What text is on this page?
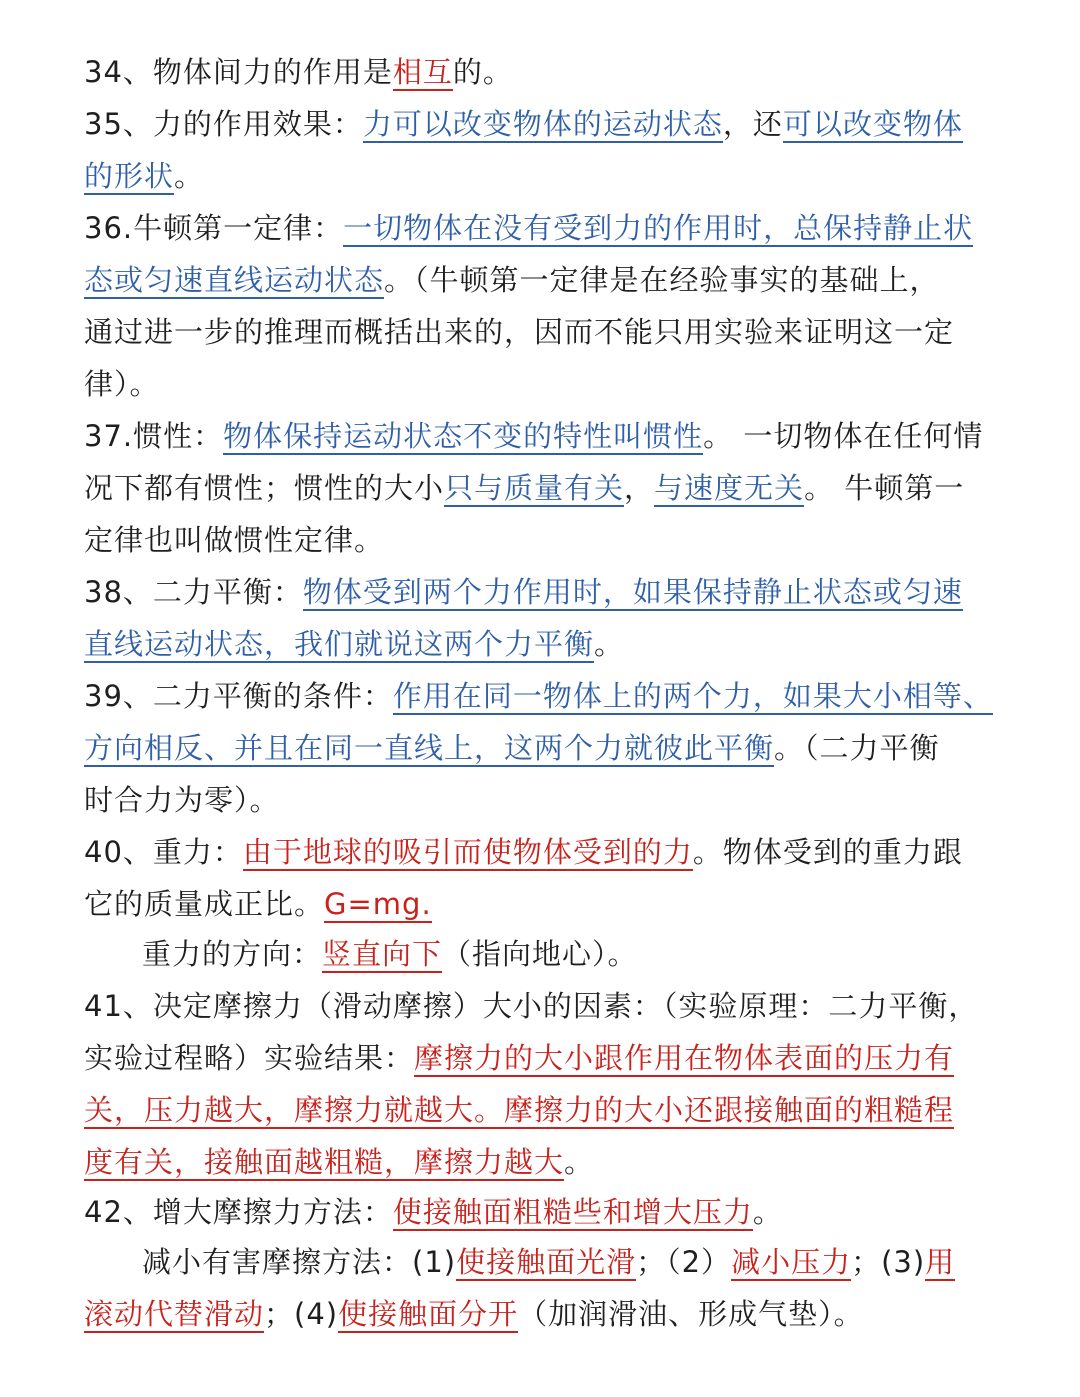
34、物体间力的作用是相互的。
35、力的作用效果：力可以改变物体的运动状态，还可以改变物体
的形状。
36.牛顿第一定律：一切物体在没有受到力的作用时，总保持静止状
态或匀速直线运动状态。（牛顿第一定律是在经验事实的基础上，
通过进一步的推理而概括出来的，因而不能只用实验来证明这一定
律）。
37.惯性：物体保持运动状态不变的特性叫惯性。 一切物体在任何情
况下都有惯性；惯性的大小只与质量有关，与速度无关。 牛顿第一
定律也叫做惯性定律。
38、二力平衡：物体受到两个力作用时，如果保持静止状态或匀速
直线运动状态，我们就说这两个力平衡。
39、二力平衡的条件：作用在同一物体上的两个力，如果大小相等、
方向相反、并且在同一直线上，这两个力就彼此平衡。（二力平衡
时合力为零）。
40、重力：由于地球的吸引而使物体受到的力。物体受到的重力跟
它的质量成正比。G=mg.
重力的方向：竖直向下（指向地心）。
41、决定摩擦力（滑动摩擦）大小的因素：（实验原理：二力平衡，
实验过程略）实验结果：摩擦力的大小跟作用在物体表面的压力有
关，压力越大，摩擦力就越大。摩擦力的大小还跟接触面的粗糙程
度有关，接触面越粗糙，摩擦力越大。
42、增大摩擦力方法：使接触面粗糙些和增大压力。
减小有害摩擦方法：(1)使接触面光滑；（2）减小压力；(3)用
滚动代替滑动；(4)使接触面分开（加润滑油、形成气垫）。
